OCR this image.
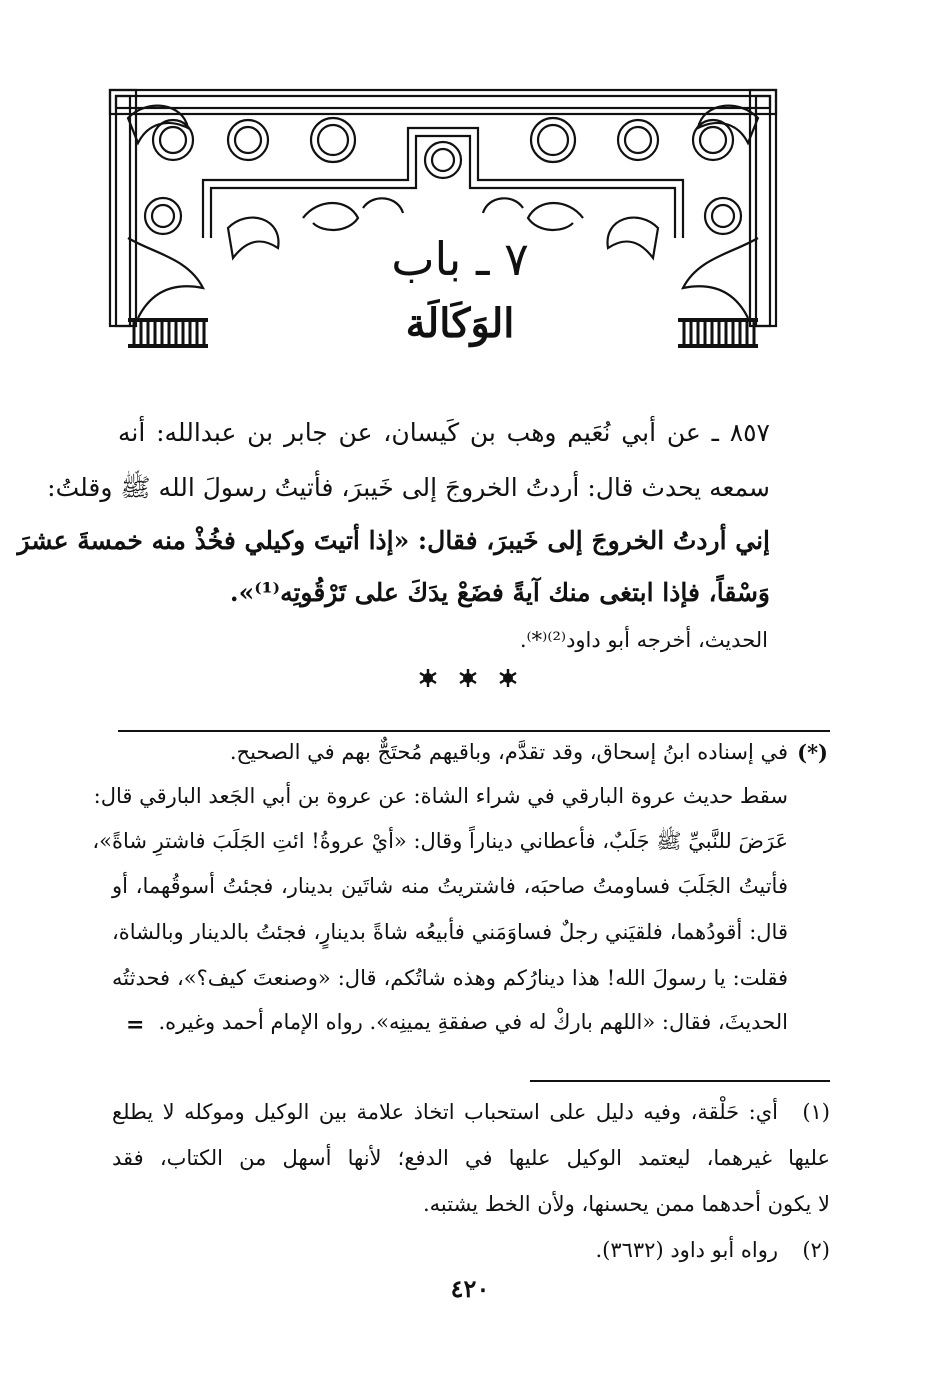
٧ ـ باب
الوَكَالَة
٨٥٧ ـ عن أبي نُعَيم وهب بن كَيسان، عن جابر بن عبدالله: أنه
سمعه يحدث قال: أردتُ الخروجَ إلى خَيبرَ، فأتيتُ رسولَ الله ﷺ وقلتُ:
إني أردتُ الخروجَ إلى خَيبرَ، فقال: «إذا أتيتَ وكيلي فخُذْ منه خمسةَ عشرَ
وَسْقاً، فإذا ابتغى منك آيةً فضَعْ يدَكَ على تَرْقُوتِه⁽¹⁾».
الحديث، أخرجه أبو داود⁽²⁾⁽*⁾.
(*)
في إسناده ابنُ إسحاق، وقد تقدَّم، وباقيهم مُحتَجٌّ بهم في الصحيح.
سقط حديث عروة البارقي في شراء الشاة: عن عروة بن أبي الجَعد البارقي قال:
عَرَضَ للنَّبيِّ ﷺ جَلَبٌ، فأعطاني ديناراً وقال: «أيْ عروةُ! ائتِ الجَلَبَ فاشترِ شاةً»،
فأتيتُ الجَلَبَ فساومتُ صاحبَه، فاشتريتُ منه شاتَين بدينار، فجئتُ أسوقُهما، أو
قال: أقودُهما، فلقيَني رجلٌ فساوَمَني فأبيعُه شاةً بدينارٍ، فجئتُ بالدينار وبالشاة،
فقلت: يا رسولَ الله! هذا دينارُكم وهذه شاتُكم، قال: «وصنعتَ كيف؟»، فحدثتُه
الحديثَ، فقال: «اللهم باركْ له في صفقةِ يمينِه». رواه الإمام أحمد وغيره.
=
(١)
أي: حَلْقة، وفيه دليل على استحباب اتخاذ علامة بين الوكيل وموكله لا يطلع
عليها غيرهما، ليعتمد الوكيل عليها في الدفع؛ لأنها أسهل من الكتاب، فقد
لا يكون أحدهما ممن يحسنها، ولأن الخط يشتبه.
(٢)
رواه أبو داود (٣٦٣٢).
٤٢٠
